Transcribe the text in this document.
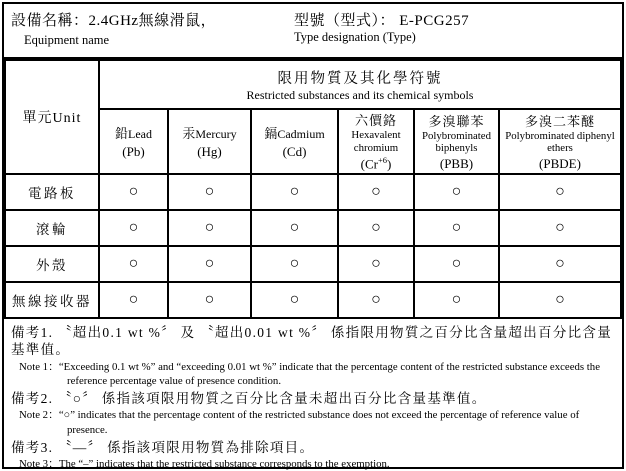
設備名稱：2.4GHz無線滑鼠，
Equipment name
型號（型式）： E-PCG257
Type designation (Type)
單元Unit	限用物質及其化學符號
Restricted substances and its chemical symbols					

鉛Lead
(Pb)

汞Mercury
(Hg)

鎘Cadmium
(Cd)

六價鉻
Hexavalent chromium
$(Cr^{+6})$

多溴聯苯
Polybrominated biphenyls
(PBB)

多溴二苯醚
Polybrominated diphenyl ethers
(PBDE)

電路板	○	○	○	○	○	○
滾輪	○	○	○	○	○	○
外殼	○	○	○	○	○	○
無線接收器	○	○	○	○	○	○
備考1. 〝超出0.1 wt %〞 及 〝超出0.01 wt %〞 係指限用物質之百分比含量超出百分比含量基準值。
Note 1：“Exceeding 0.1 wt %” and “exceeding 0.01 wt %” indicate that the percentage content of the restricted substance exceeds the reference percentage value of presence condition.
備考2. 〝○〞 係指該項限用物質之百分比含量未超出百分比含量基準值。
Note 2：“○” indicates that the percentage content of the restricted substance does not exceed the percentage of reference value of presence.
備考3. 〝—〞 係指該項限用物質為排除項目。
Note 3：The “–” indicates that the restricted substance corresponds to the exemption.
